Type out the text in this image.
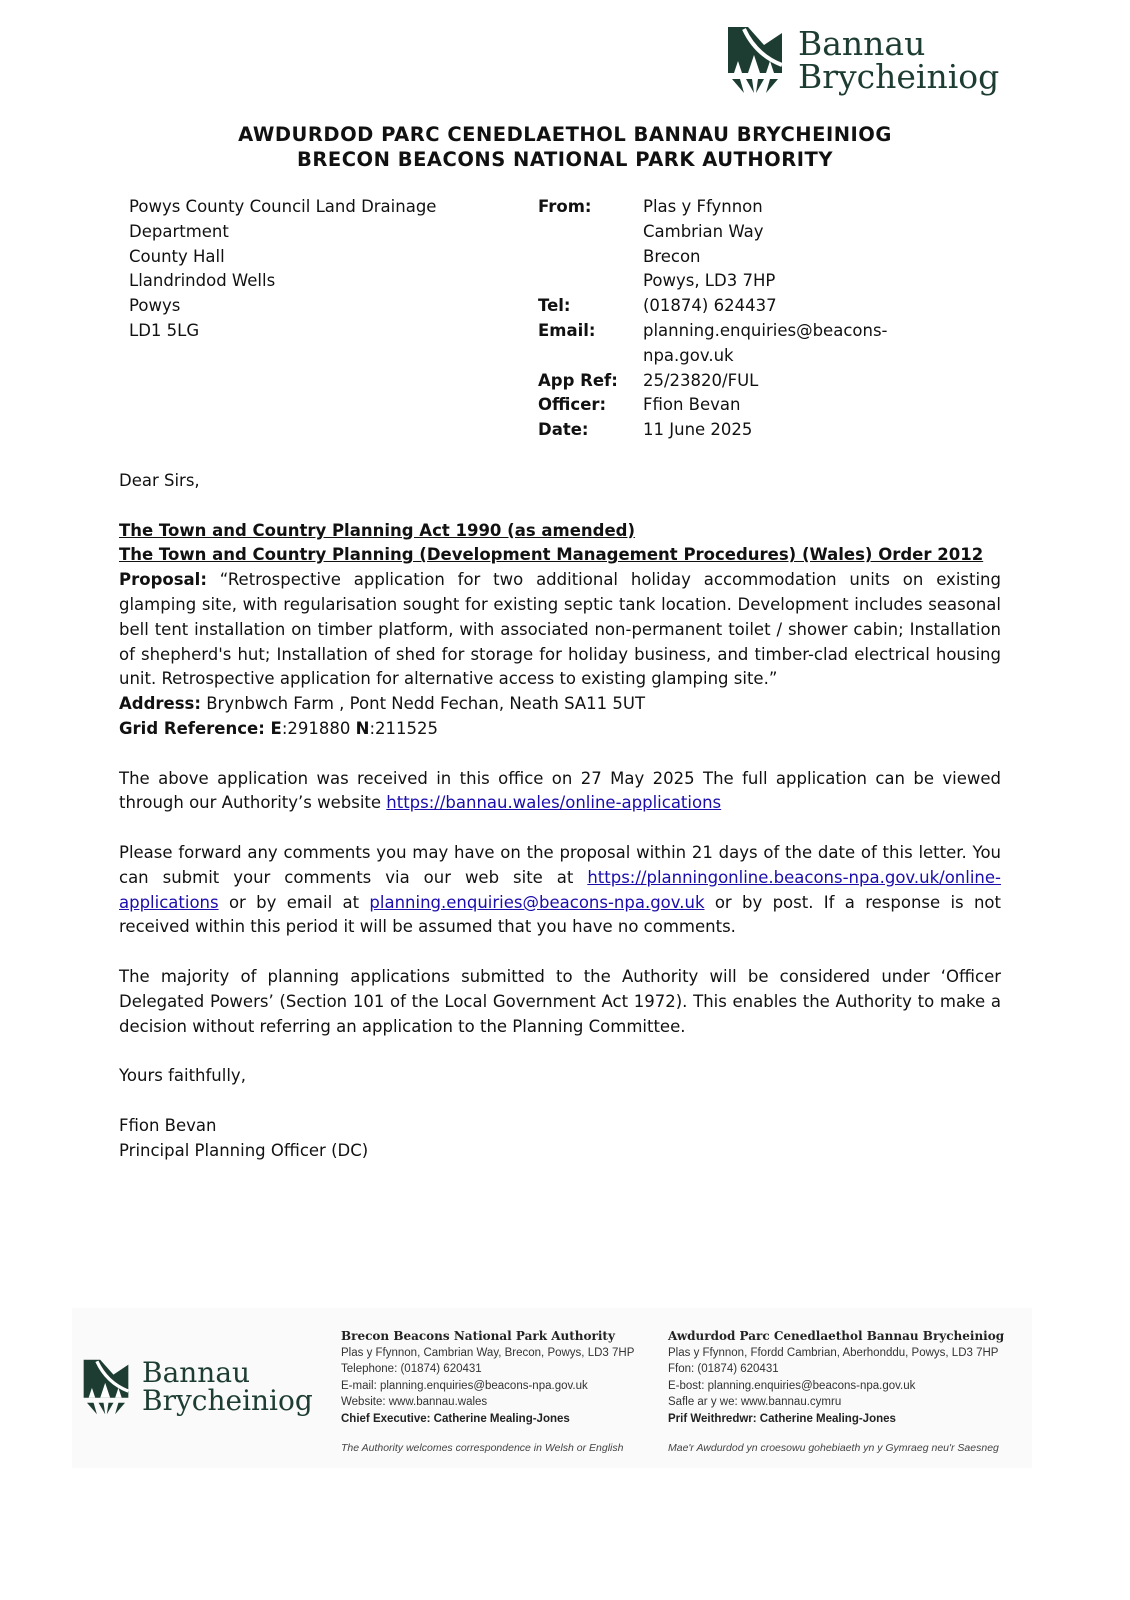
Bannau
Brycheiniog
AWDURDOD PARC CENEDLAETHOL BANNAU BRYCHEINIOG
BRECON BEACONS NATIONAL PARK AUTHORITY
Powys County Council Land Drainage
Department
County Hall
Llandrindod Wells
Powys
LD1 5LG
From:	Plas y Ffynnon
Cambrian Way
Brecon
Powys, LD3 7HP
Tel:	(01874) 624437
Email:	planning.enquiries@beacons-
npa.gov.uk
App Ref:	25/23820/FUL
Officer:	Ffion Bevan
Date:	11 June 2025

Dear Sirs,

The Town and Country Planning Act 1990 (as amended)
The Town and Country Planning (Development Management Procedures) (Wales) Order 2012
Proposal: “Retrospective application for two additional holiday accommodation units on existing glamping site, with regularisation sought for existing septic tank location. Development includes seasonal bell tent installation on timber platform, with associated non-permanent toilet / shower cabin; Installation of shepherd's hut; Installation of shed for storage for holiday business, and timber-clad electrical housing unit. Retrospective application for alternative access to existing glamping site.”
Address: Brynbwch Farm , Pont Nedd Fechan, Neath SA11 5UT

Grid Reference: E:291880 N:211525

The above application was received in this office on 27 May 2025 The full application can be viewed through our Authority’s website https://bannau.wales/online-applications

Please forward any comments you may have on the proposal within 21 days of the date of this letter. You can submit your comments via our web site at https://planningonline.beacons-npa.gov.uk/online-applications or by email at planning.enquiries@beacons-npa.gov.uk or by post. If a response is not received within this period it will be assumed that you have no comments.

The majority of planning applications submitted to the Authority will be considered under ‘Officer Delegated Powers’ (Section 101 of the Local Government Act 1972). This enables the Authority to make a decision without referring an application to the Planning Committee.

Yours faithfully,

Ffion Bevan
Principal Planning Officer (DC)
Bannau
Brycheiniog
Brecon Beacons National Park Authority
Plas y Ffynnon, Cambrian Way, Brecon, Powys, LD3 7HP
Telephone: (01874) 620431
E-mail: planning.enquiries@beacons-npa.gov.uk
Website: www.bannau.wales
Chief Executive: Catherine Mealing-Jones
The Authority welcomes correspondence in Welsh or English
Awdurdod Parc Cenedlaethol Bannau Brycheiniog
Plas y Ffynnon, Ffordd Cambrian, Aberhonddu, Powys, LD3 7HP
Ffon: (01874) 620431
E-bost: planning.enquiries@beacons-npa.gov.uk
Safle ar y we: www.bannau.cymru
Prif Weithredwr: Catherine Mealing-Jones
Mae'r Awdurdod yn croesowu gohebiaeth yn y Gymraeg neu'r Saesneg
